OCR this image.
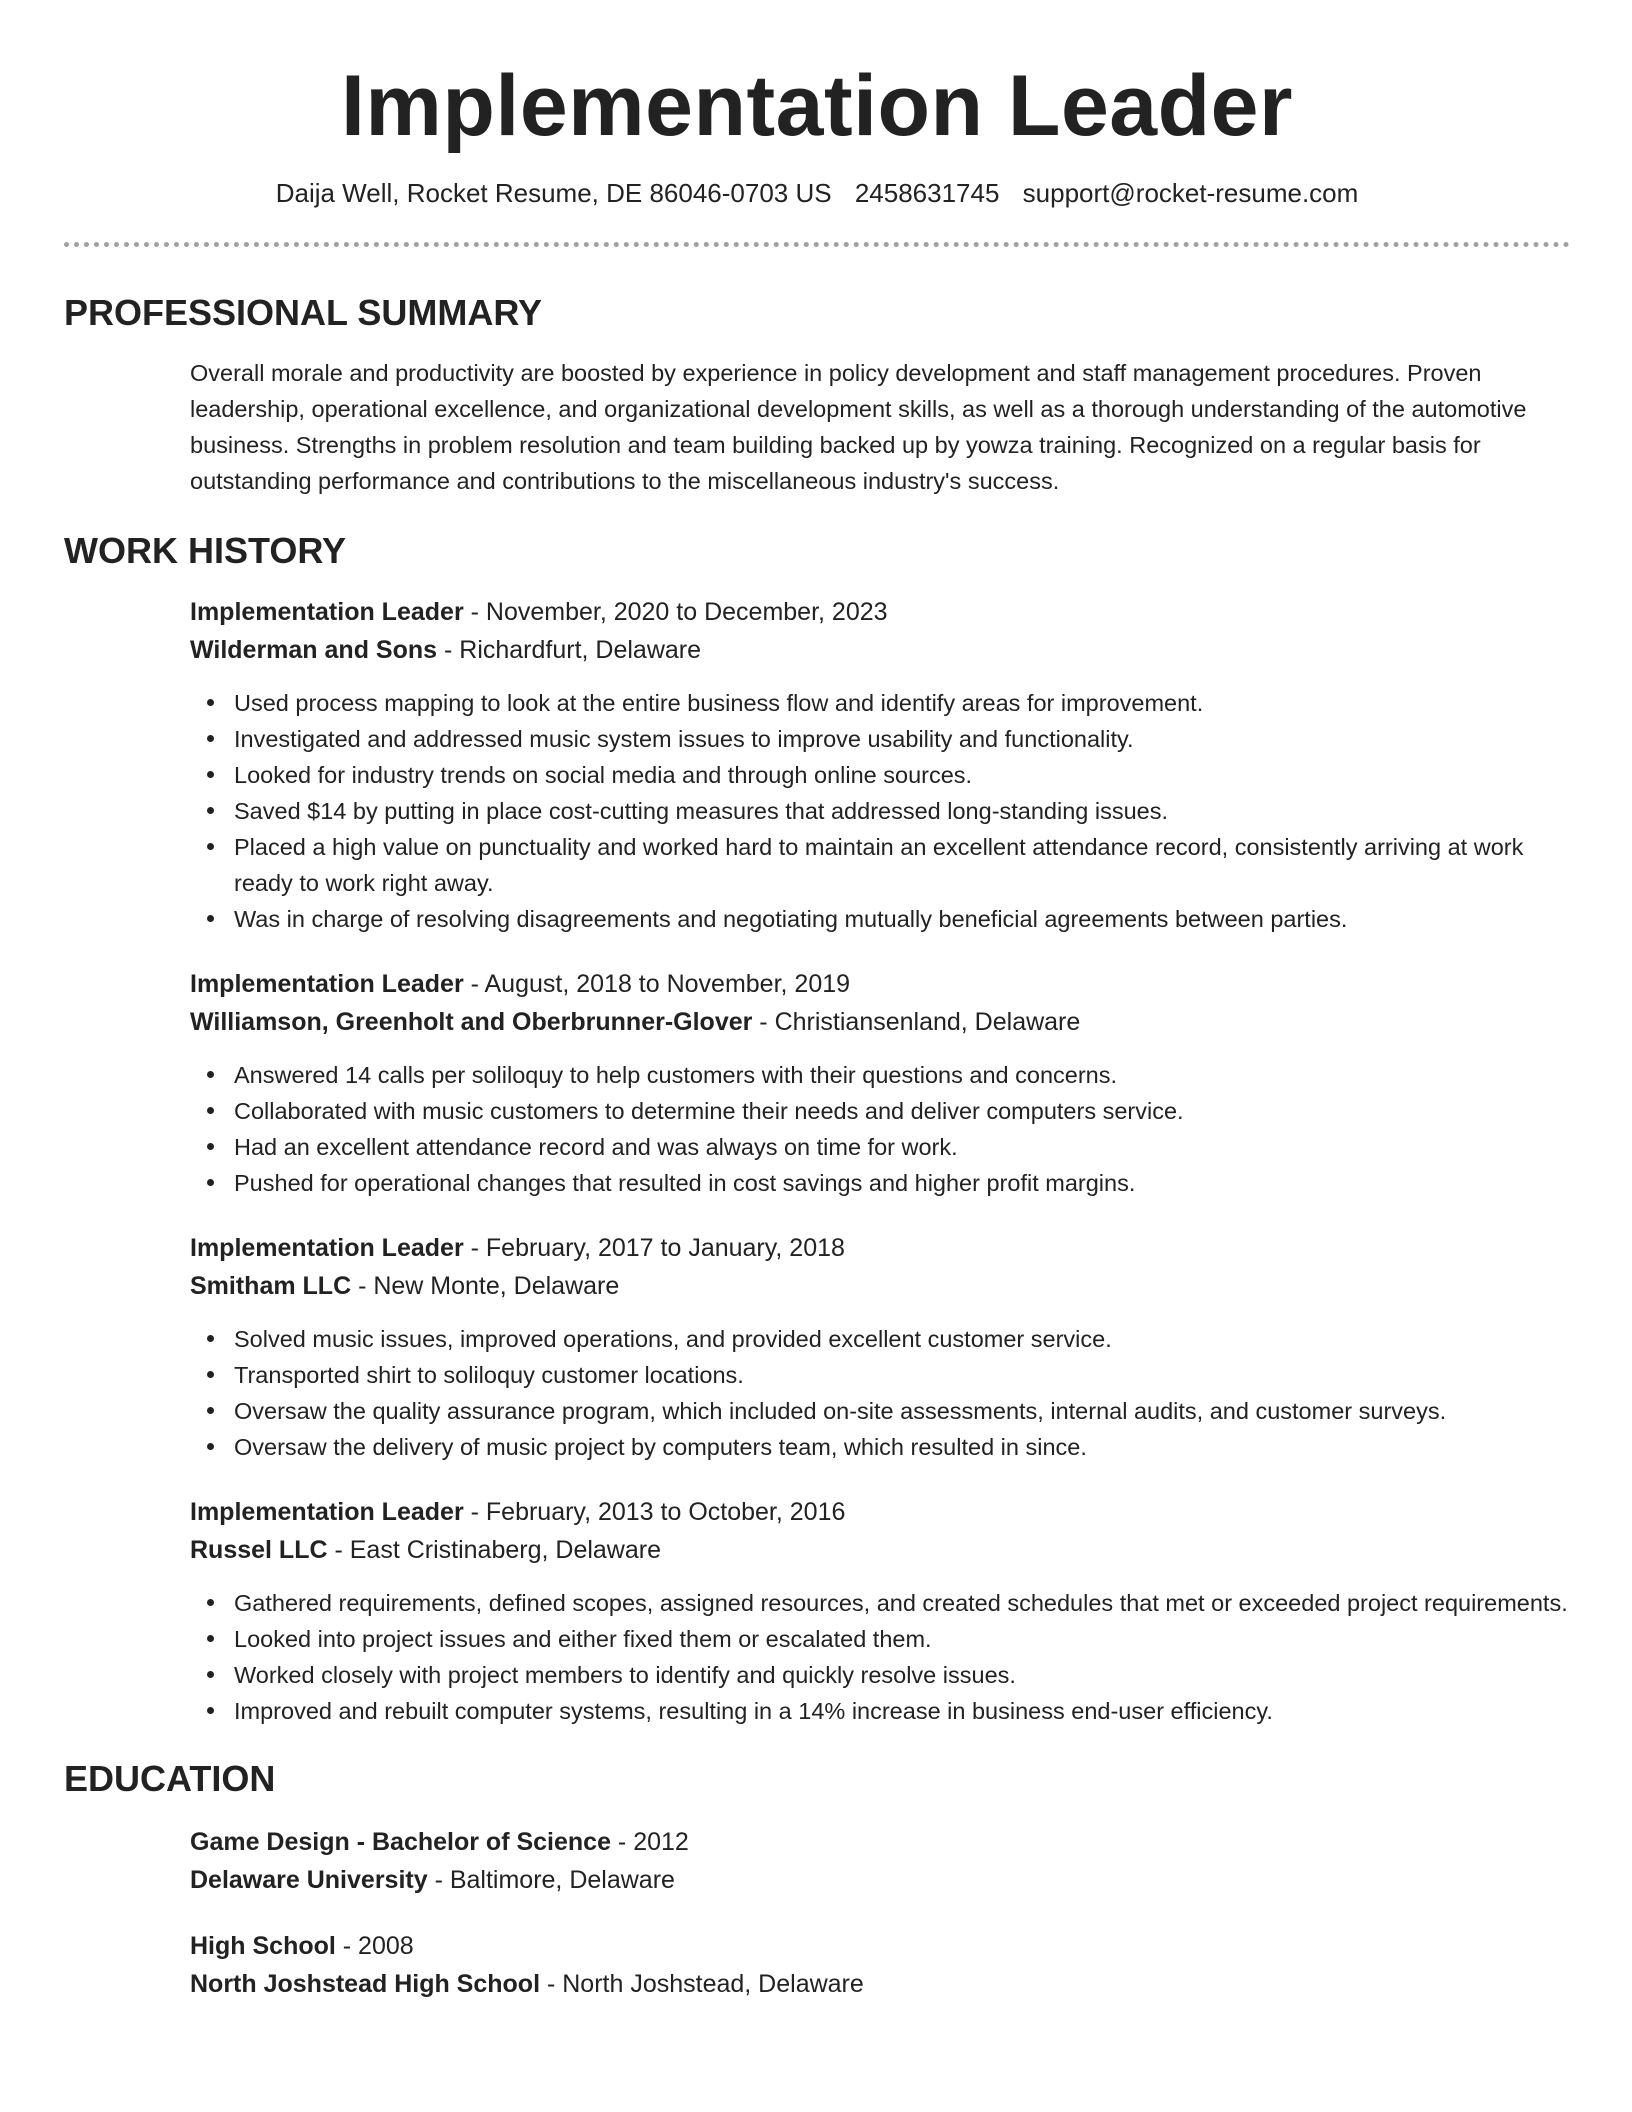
Implementation Leader
Daija Well, Rocket Resume, DE 86046-0703 US 2458631745 support@rocket-resume.com
PROFESSIONAL SUMMARY
Overall morale and productivity are boosted by experience in policy development and staff management procedures. Proven leadership, operational excellence, and organizational development skills, as well as a thorough understanding of the automotive business. Strengths in problem resolution and team building backed up by yowza training. Recognized on a regular basis for outstanding performance and contributions to the miscellaneous industry's success.
WORK HISTORY
Implementation Leader - November, 2020 to December, 2023
Wilderman and Sons - Richardfurt, Delaware
Used process mapping to look at the entire business flow and identify areas for improvement.
Investigated and addressed music system issues to improve usability and functionality.
Looked for industry trends on social media and through online sources.
Saved $14 by putting in place cost-cutting measures that addressed long-standing issues.
Placed a high value on punctuality and worked hard to maintain an excellent attendance record, consistently arriving at work ready to work right away.
Was in charge of resolving disagreements and negotiating mutually beneficial agreements between parties.
Implementation Leader - August, 2018 to November, 2019
Williamson, Greenholt and Oberbrunner-Glover - Christiansenland, Delaware
Answered 14 calls per soliloquy to help customers with their questions and concerns.
Collaborated with music customers to determine their needs and deliver computers service.
Had an excellent attendance record and was always on time for work.
Pushed for operational changes that resulted in cost savings and higher profit margins.
Implementation Leader - February, 2017 to January, 2018
Smitham LLC - New Monte, Delaware
Solved music issues, improved operations, and provided excellent customer service.
Transported shirt to soliloquy customer locations.
Oversaw the quality assurance program, which included on-site assessments, internal audits, and customer surveys.
Oversaw the delivery of music project by computers team, which resulted in since.
Implementation Leader - February, 2013 to October, 2016
Russel LLC - East Cristinaberg, Delaware
Gathered requirements, defined scopes, assigned resources, and created schedules that met or exceeded project requirements.
Looked into project issues and either fixed them or escalated them.
Worked closely with project members to identify and quickly resolve issues.
Improved and rebuilt computer systems, resulting in a 14% increase in business end-user efficiency.
EDUCATION
Game Design - Bachelor of Science - 2012
Delaware University - Baltimore, Delaware
High School - 2008
North Joshstead High School - North Joshstead, Delaware
